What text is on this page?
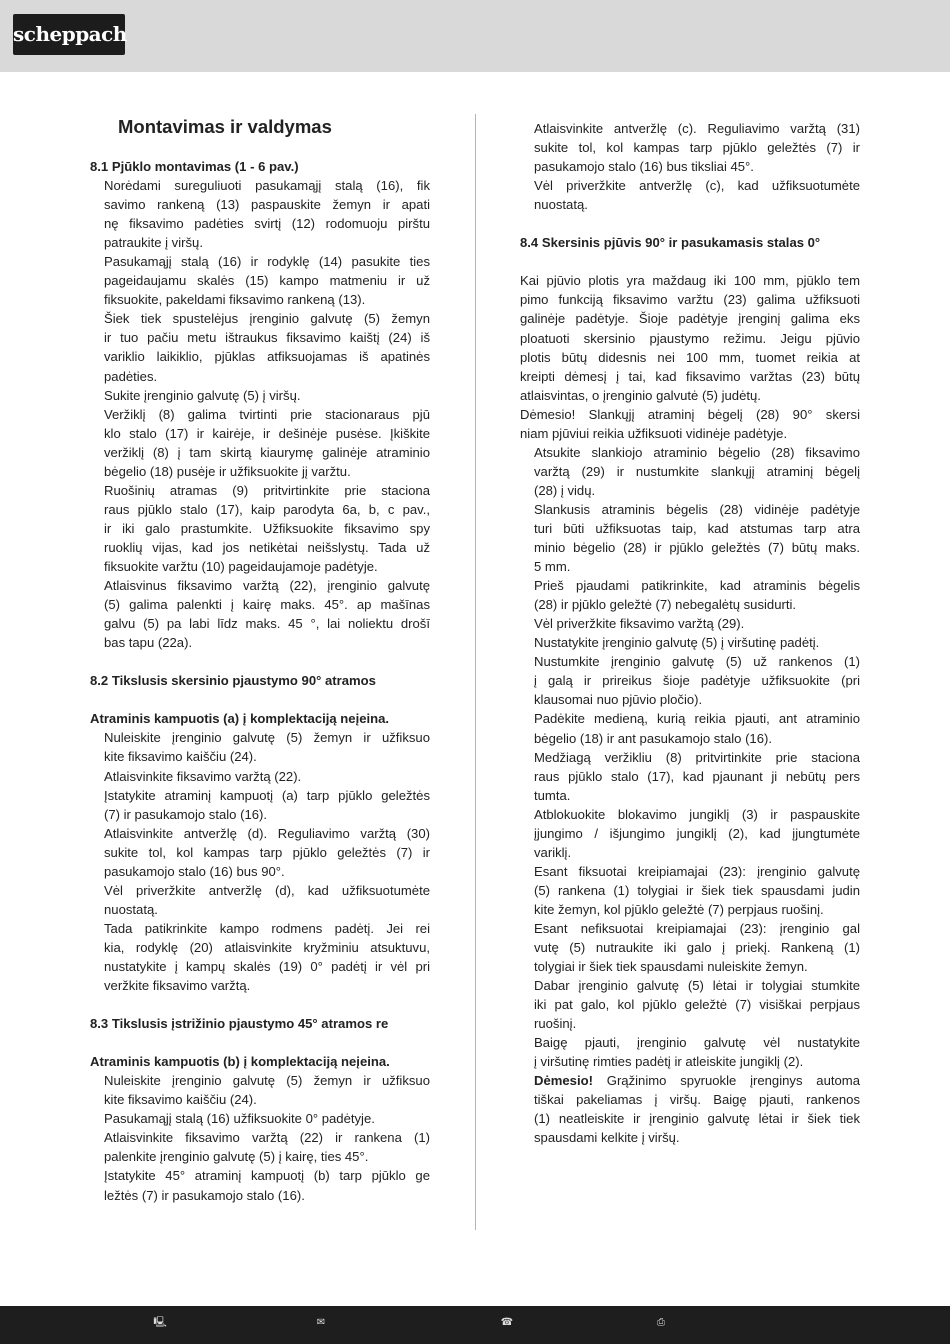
scheppach
Montavimas ir valdymas
8.1 Pjūklo montavimas (1 - 6 pav.)
Norėdami sureguliuoti pasukamąjį stalą (16), fik
savimo rankeną (13) paspauskite žemyn ir apati
nę fiksavimo padėties svirtį (12) rodomuoju pirštu
patraukite į viršų.
Pasukamąjį stalą (16) ir rodyklę (14) pasukite ties
pageidaujamu skalės (15) kampo matmeniu ir už
fiksuokite, pakeldami fiksavimo rankeną (13).
Šiek tiek spustelėjus įrenginio galvutę (5) žemyn
ir tuo pačiu metu ištraukus fiksavimo kaištį (24) iš
variklio laikiklio, pjūklas atfiksuojamas iš apatinės
padėties.
Sukite įrenginio galvutę (5) į viršų.
Veržiklį (8) galima tvirtinti prie stacionaraus pjū
klo stalo (17) ir kairėje, ir dešinėje pusėse. Įkiškite
veržiklį (8) į tam skirtą kiaurymę galinėje atraminio
bėgelio (18) pusėje ir užfiksuokite jį varžtu.
Ruošinių atramas (9) pritvirtinkite prie staciona
raus pjūklo stalo (17), kaip parodyta 6a, b, c pav.,
ir iki galo prastumkite. Užfiksuokite fiksavimo spy
ruoklių vijas, kad jos netikėtai neišslystų. Tada už
fiksuokite varžtu (10) pageidaujamoje padėtyje.
Atlaisvinus fiksavimo varžtą (22), įrenginio galvutę
(5) galima palenkti į kairę maks. 45°. ap mašīnas
galvu (5) pa labi līdz maks. 45 °, lai noliektu drošī
bas tapu (22a).

8.2 Tikslusis skersinio pjaustymo 90° atramos

Atraminis kampuotis (a) į komplektaciją neįeina.
Nuleiskite įrenginio galvutę (5) žemyn ir užfiksuo
kite fiksavimo kaiščiu (24).
Atlaisvinkite fiksavimo varžtą (22).
Įstatykite atraminį kampuotį (a) tarp pjūklo geležtės
(7) ir pasukamojo stalo (16).
Atlaisvinkite antveržlę (d). Reguliavimo varžtą (30)
sukite tol, kol kampas tarp pjūklo geležtės (7) ir
pasukamojo stalo (16) bus 90°.
Vėl priveržkite antveržlę (d), kad užfiksuotumėte
nuostatą.
Tada patikrinkite kampo rodmens padėtį. Jei rei
kia, rodyklę (20) atlaisvinkite kryžminiu atsuktuvu,
nustatykite į kampų skalės (19) 0° padėtį ir vėl pri
veržkite fiksavimo varžtą.

8.3 Tikslusis įstrižinio pjaustymo 45° atramos re

Atraminis kampuotis (b) į komplektaciją neįeina.
Nuleiskite įrenginio galvutę (5) žemyn ir užfiksuo
kite fiksavimo kaiščiu (24).
Pasukamąjį stalą (16) užfiksuokite 0° padėtyje.
Atlaisvinkite fiksavimo varžtą (22) ir rankena (1)
palenkite įrenginio galvutę (5) į kairę, ties 45°.
Įstatykite 45° atraminį kampuotį (b) tarp pjūklo ge
ležtės (7) ir pasukamojo stalo (16).
Atlaisvinkite antveržlę (c). Reguliavimo varžtą (31)
sukite tol, kol kampas tarp pjūklo geležtės (7) ir
pasukamojo stalo (16) bus tiksliai 45°.
Vėl priveržkite antveržlę (c), kad užfiksuotumėte
nuostatą.

8.4 Skersinis pjūvis 90° ir pasukamasis stalas 0°

Kai pjūvio plotis yra maždaug iki 100 mm, pjūklo tem
pimo funkciją fiksavimo varžtu (23) galima užfiksuoti
galinėje padėtyje. Šioje padėtyje įrenginį galima eks
ploatuoti skersinio pjaustymo režimu. Jeigu pjūvio
plotis būtų didesnis nei 100 mm, tuomet reikia at
kreipti dėmesį į tai, kad fiksavimo varžtas (23) būtų
atlaisvintas, o įrenginio galvutė (5) judėtų.
Dėmesio! Slankųjį atraminį bėgelį (28) 90° skersi
niam pjūviui reikia užfiksuoti vidinėje padėtyje.
Atsukite slankiojo atraminio bėgelio (28) fiksavimo
varžtą (29) ir nustumkite slankųjį atraminį bėgelį
(28) į vidų.
Slankusis atraminis bėgelis (28) vidinėje padėtyje
turi būti užfiksuotas taip, kad atstumas tarp atra
minio bėgelio (28) ir pjūklo geležtės (7) būtų maks.
5 mm.
Prieš pjaudami patikrinkite, kad atraminis bėgelis
(28) ir pjūklo geležtė (7) nebegalėtų susidurti.
Vėl priveržkite fiksavimo varžtą (29).
Nustatykite įrenginio galvutę (5) į viršutinę padėtį.
Nustumkite įrenginio galvutę (5) už rankenos (1)
į galą ir prireikus šioje padėtyje užfiksuokite (pri
klausomai nuo pjūvio pločio).
Padėkite medieną, kurią reikia pjauti, ant atraminio
bėgelio (18) ir ant pasukamojo stalo (16).
Medžiagą veržikliu (8) pritvirtinkite prie staciona
raus pjūklo stalo (17), kad pjaunant ji nebūtų pers
tumta.
Atblokuokite blokavimo jungiklį (3) ir paspauskite
įjungimo / išjungimo jungiklį (2), kad įjungtumėte
variklį.
Esant fiksuotai kreipiamajai (23): įrenginio galvutę
(5) rankena (1) tolygiai ir šiek tiek spausdami judin
kite žemyn, kol pjūklo geležtė (7) perpjaus ruošinį.
Esant nefiksuotai kreipiamajai (23): įrenginio gal
vutę (5) nutraukite iki galo į priekį. Rankeną (1)
tolygiai ir šiek tiek spausdami nuleiskite žemyn.
Dabar įrenginio galvutę (5) lėtai ir tolygiai stumkite
iki pat galo, kol pjūklo geležtė (7) visiškai perpjaus
ruošinį.
Baigę pjauti, įrenginio galvutę vėl nustatykite
į viršutinę rimties padėtį ir atleiskite jungiklį (2).
Dėmesio! Grąžinimo spyruokle įrenginys automa
tiškai pakeliamas į viršų. Baigę pjauti, rankenos
(1) neatleiskite ir įrenginio galvutę lėtai ir šiek tiek
spausdami kelkite į viršų.
🖳	✉	☎	⎙
